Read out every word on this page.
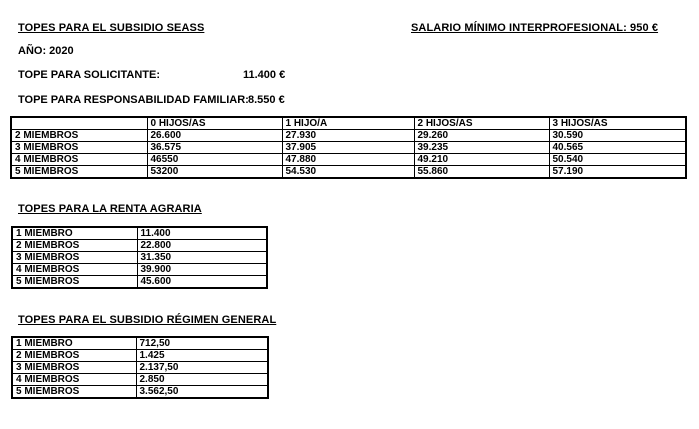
TOPES PARA EL SUBSIDIO SEASS	SALARIO MÍNIMO INTERPROFESIONAL: 950 €
AÑO: 2020
TOPE PARA SOLICITANTE:	11.400 €
TOPE PARA RESPONSABILIDAD FAMILIAR: 8.550 €
	0 HIJOS/AS	1 HIJO/A	2 HIJOS/AS	3 HIJOS/AS
2 MIEMBROS	26.600	27.930	29.260	30.590
3 MIEMBROS	36.575	37.905	39.235	40.565
4 MIEMBROS	46550	47.880	49.210	50.540
5 MIEMBROS	53200	54.530	55.860	57.190
TOPES PARA LA RENTA AGRARIA
1 MIEMBRO	11.400
2 MIEMBROS	22.800
3 MIEMBROS	31.350
4 MIEMBROS	39.900
5 MIEMBROS	45.600
TOPES PARA EL SUBSIDIO RÉGIMEN GENERAL
1 MIEMBRO	712,50
2 MIEMBROS	1.425
3 MIEMBROS	2.137,50
4 MIEMBROS	2.850
5 MIEMBROS	3.562,50
